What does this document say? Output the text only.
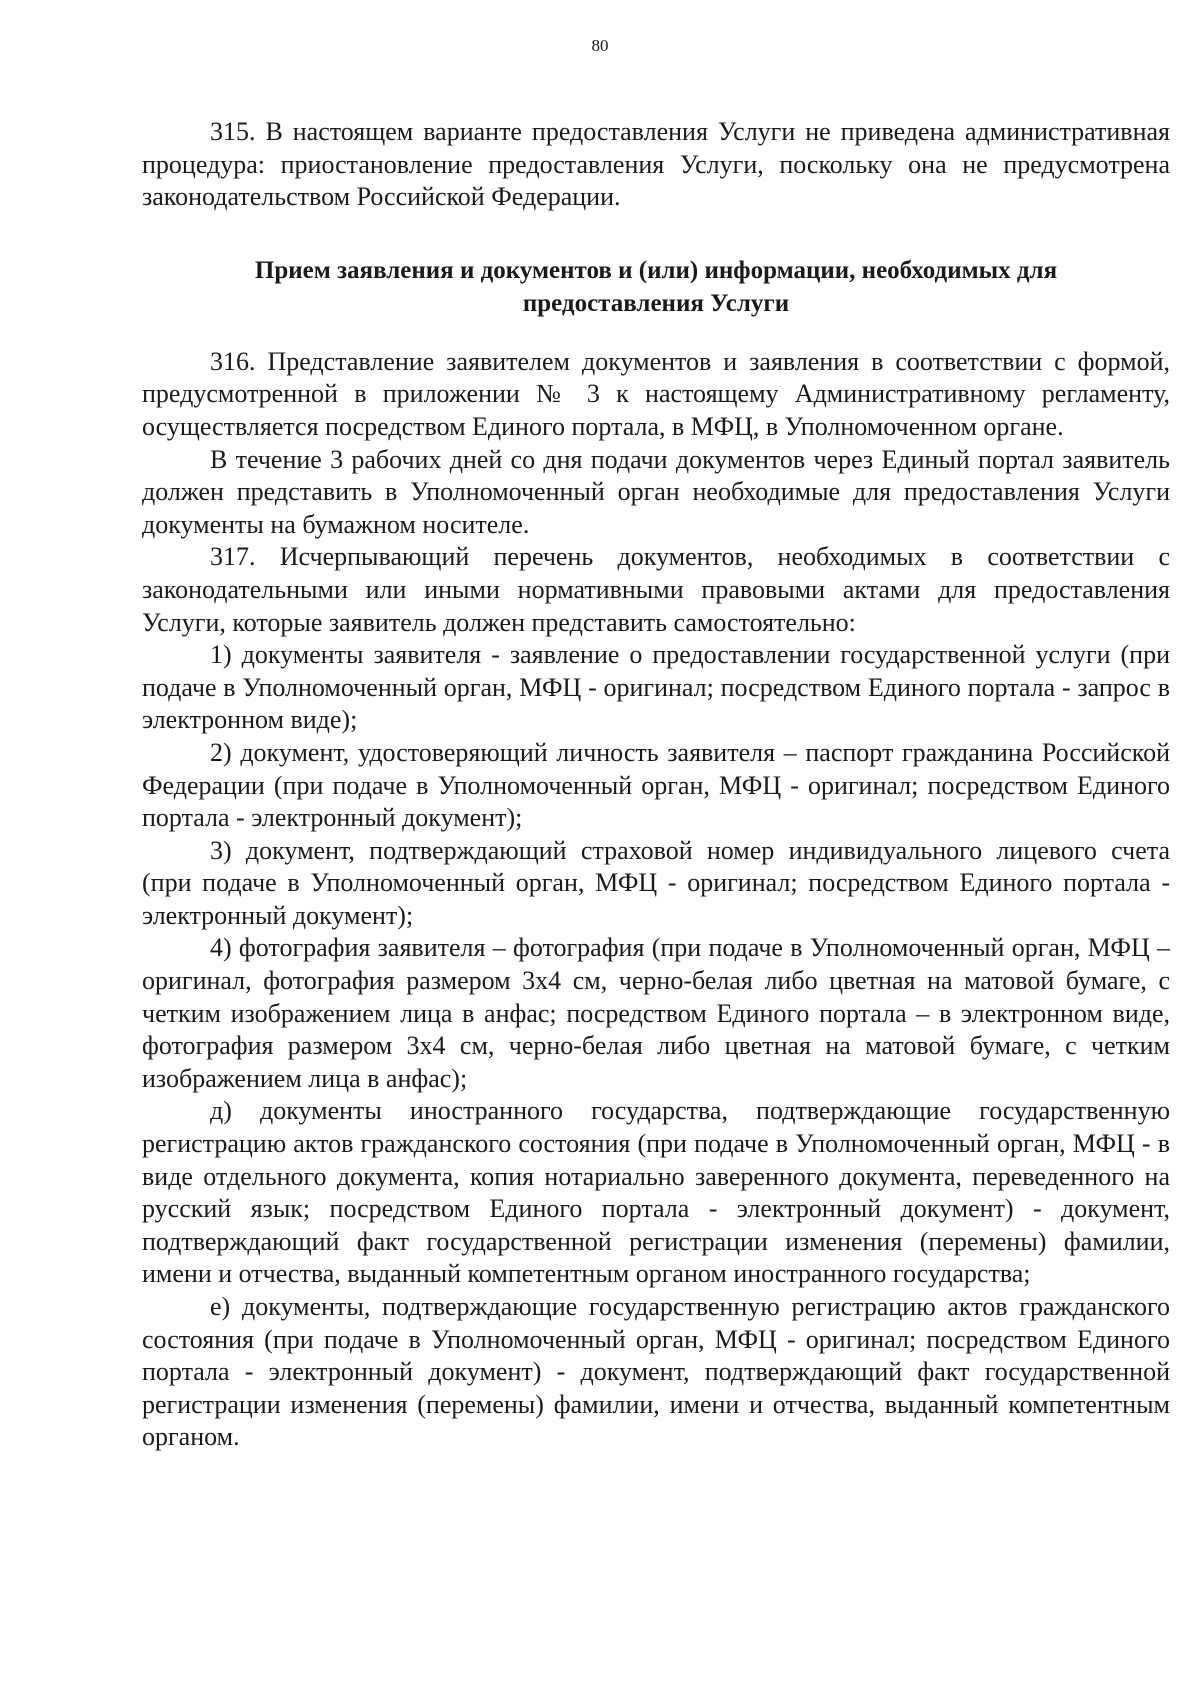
80

315. В настоящем варианте предоставления Услуги не приведена административная процедура: приостановление предоставления Услуги, поскольку она не предусмотрена законодательством Российской Федерации.

Прием заявления и документов и (или) информации, необходимых для
предоставления Услуги

316. Представление заявителем документов и заявления в соответствии с формой, предусмотренной в приложении № 3 к настоящему Административному регламенту, осуществляется посредством Единого портала, в МФЦ, в Уполномоченном органе.

В течение 3 рабочих дней со дня подачи документов через Единый портал заявитель должен представить в Уполномоченный орган необходимые для предоставления Услуги документы на бумажном носителе.

317. Исчерпывающий перечень документов, необходимых в соответствии с законодательными или иными нормативными правовыми актами для предоставления Услуги, которые заявитель должен представить самостоятельно:

1) документы заявителя - заявление о предоставлении государственной услуги (при подаче в Уполномоченный орган, МФЦ - оригинал; посредством Единого портала - запрос в электронном виде);

2) документ, удостоверяющий личность заявителя – паспорт гражданина Российской Федерации (при подаче в Уполномоченный орган, МФЦ - оригинал; посредством Единого портала - электронный документ);

3) документ, подтверждающий страховой номер индивидуального лицевого счета (при подаче в Уполномоченный орган, МФЦ - оригинал; посредством Единого портала - электронный документ);

4) фотография заявителя – фотография (при подаче в Уполномоченный орган, МФЦ – оригинал, фотография размером 3х4 см, черно-белая либо цветная на матовой бумаге, с четким изображением лица в анфас; посредством Единого портала – в электронном виде, фотография размером 3х4 см, черно-белая либо цветная на матовой бумаге, с четким изображением лица в анфас);

д) документы иностранного государства, подтверждающие государственную регистрацию актов гражданского состояния (при подаче в Уполномоченный орган, МФЦ - в виде отдельного документа, копия нотариально заверенного документа, переведенного на русский язык; посредством Единого портала - электронный документ) - документ, подтверждающий факт государственной регистрации изменения (перемены) фамилии, имени и отчества, выданный компетентным органом иностранного государства;

е) документы, подтверждающие государственную регистрацию актов гражданского состояния (при подаче в Уполномоченный орган, МФЦ - оригинал; посредством Единого портала - электронный документ) - документ, подтверждающий факт государственной регистрации изменения (перемены) фамилии, имени и отчества, выданный компетентным органом.
